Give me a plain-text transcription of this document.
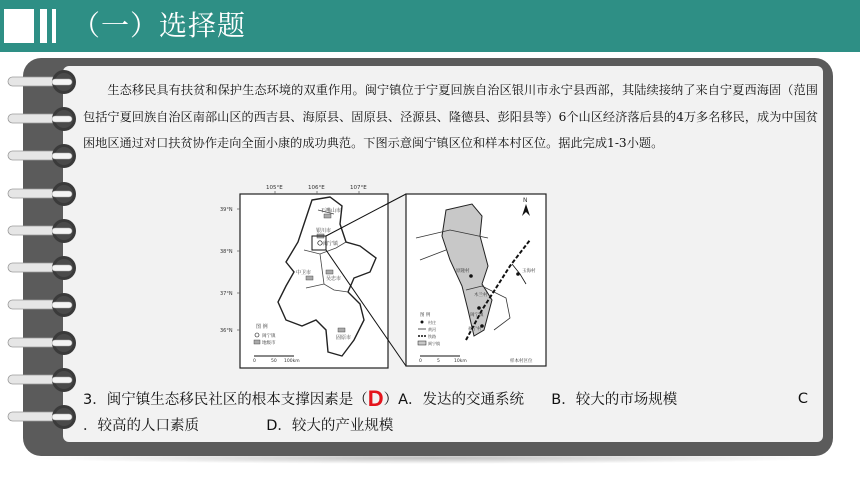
（一）选择题

生态移民具有扶贫和保护生态环境的双重作用。闽宁镇位于宁夏回族自治区银川市永宁县西部，其陆续接纳了来自宁夏西海固（范围包括宁夏回族自治区南部山区的西吉县、海原县、固原县、泾源县、隆德县、彭阳县等）6个山区经济落后县的4万多名移民，成为中国贫困地区通过对口扶贫协作走向全面小康的成功典范。下图示意闽宁镇区位和样本村区位。据此完成1-3小题。

105°E	106°E	107°E
39°N
38°N
37°N
36°N
石嘴山市
银川市
闽宁镇
中卫市
吴忠市
固原市
图 例
闽宁镇
地级市
0	50 100km
N
原隆村
木兰村
闽宁镇
福宁村
玉海村
图 例
村庄
黄河
铁路
闽宁镇
0	5	10km	样本村区位
3．闽宁镇生态移民社区的根本支撑因素是（D）A．发达的交通系统 B．较大的市场规模	C
．较高的人口素质	D．较大的产业规模
